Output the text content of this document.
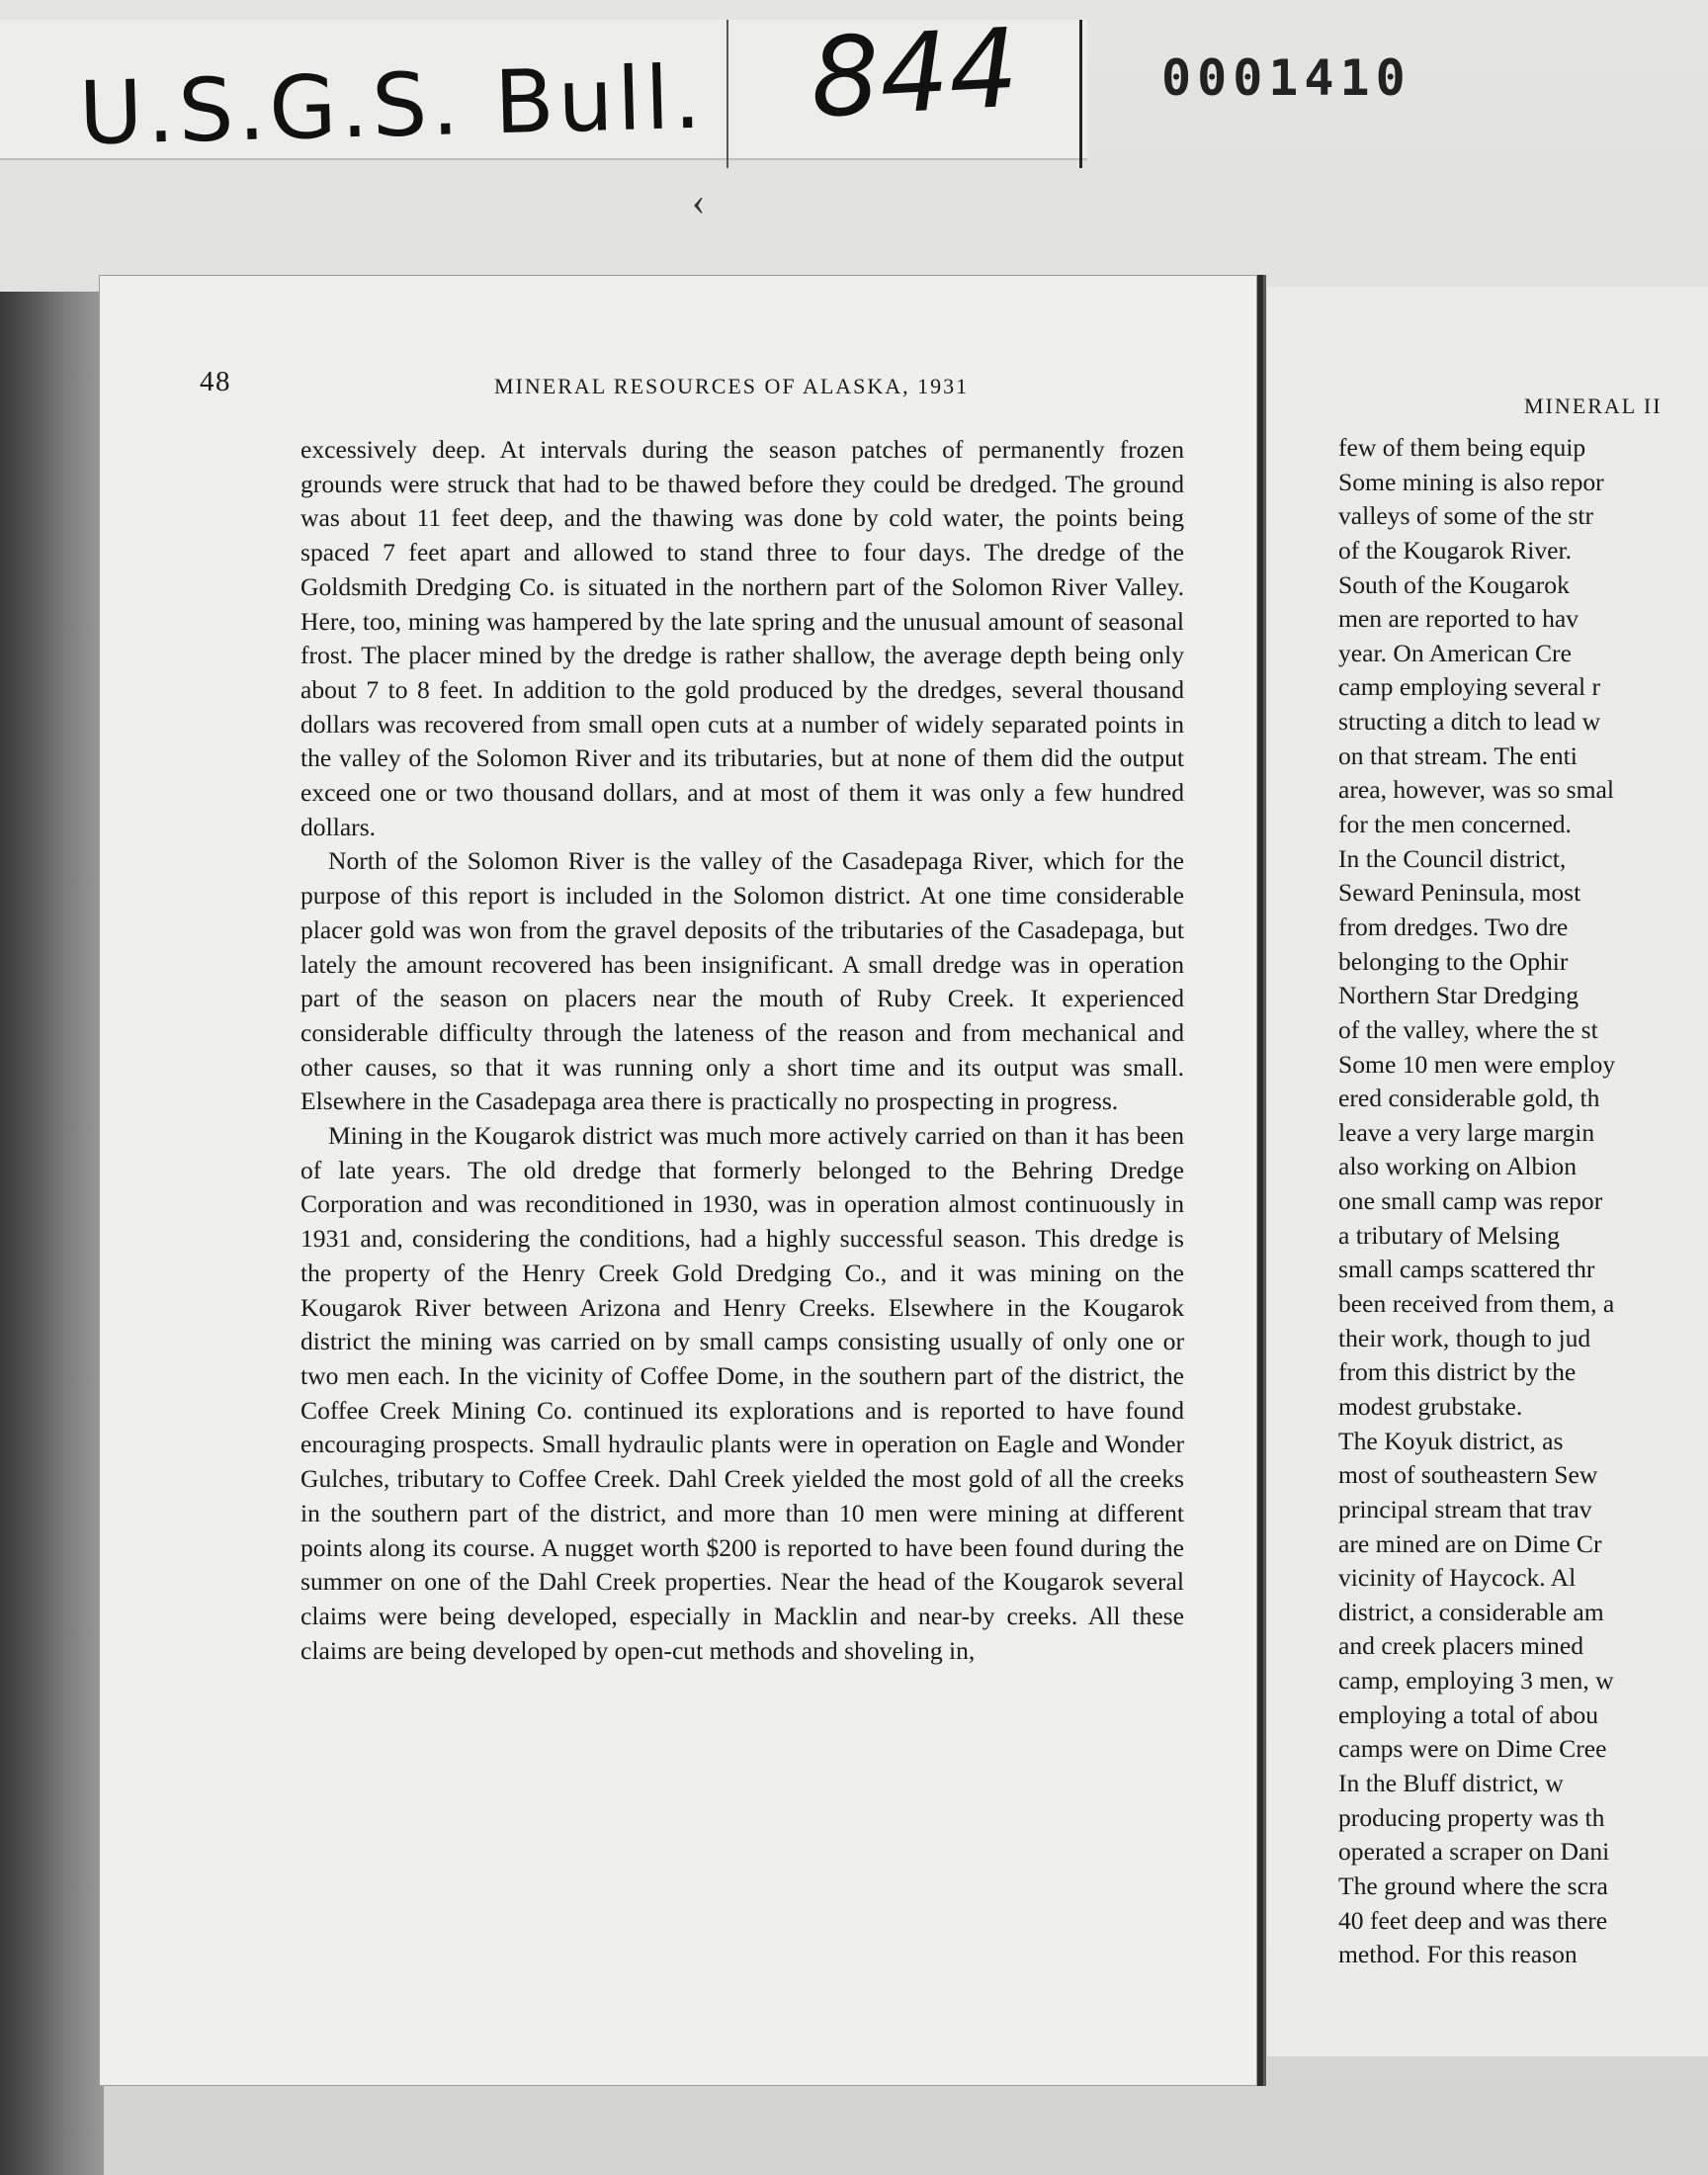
U.S.G.S. Bull. 844	0001410
‹
48	MINERAL RESOURCES OF ALASKA, 1931

excessively deep. At intervals during the season patches of permanently frozen grounds were struck that had to be thawed before they could be dredged. The ground was about 11 feet deep, and the thawing was done by cold water, the points being spaced 7 feet apart and allowed to stand three to four days. The dredge of the Goldsmith Dredging Co. is situated in the northern part of the Solomon River Valley. Here, too, mining was hampered by the late spring and the unusual amount of seasonal frost. The placer mined by the dredge is rather shallow, the average depth being only about 7 to 8 feet. In addition to the gold produced by the dredges, several thousand dollars was recovered from small open cuts at a number of widely separated points in the valley of the Solomon River and its tributaries, but at none of them did the output exceed one or two thousand dollars, and at most of them it was only a few hundred dollars.

North of the Solomon River is the valley of the Casadepaga River, which for the purpose of this report is included in the Solomon district. At one time considerable placer gold was won from the gravel deposits of the tributaries of the Casadepaga, but lately the amount recovered has been insignificant. A small dredge was in operation part of the season on placers near the mouth of Ruby Creek. It experienced considerable difficulty through the lateness of the reason and from mechanical and other causes, so that it was running only a short time and its output was small. Elsewhere in the Casadepaga area there is practically no prospecting in progress.

Mining in the Kougarok district was much more actively carried on than it has been of late years. The old dredge that formerly belonged to the Behring Dredge Corporation and was reconditioned in 1930, was in operation almost continuously in 1931 and, considering the conditions, had a highly successful season. This dredge is the property of the Henry Creek Gold Dredging Co., and it was mining on the Kougarok River between Arizona and Henry Creeks. Elsewhere in the Kougarok district the mining was carried on by small camps consisting usually of only one or two men each. In the vicinity of Coffee Dome, in the southern part of the district, the Coffee Creek Mining Co. continued its explorations and is reported to have found encouraging prospects. Small hydraulic plants were in operation on Eagle and Wonder Gulches, tributary to Coffee Creek. Dahl Creek yielded the most gold of all the creeks in the southern part of the district, and more than 10 men were mining at different points along its course. A nugget worth $200 is reported to have been found during the summer on one of the Dahl Creek properties. Near the head of the Kougarok several claims were being developed, especially in Macklin and near-by creeks. All these claims are being developed by open-cut methods and shoveling in,

MINERAL II
few of them being equip
Some mining is also repor
valleys of some of the str
of the Kougarok River.
South of the Kougarok
men are reported to hav
year. On American Cre
camp employing several r
structing a ditch to lead w
on that stream. The enti
area, however, was so smal
for the men concerned.
In the Council district,
Seward Peninsula, most
from dredges. Two dre
belonging to the Ophir
Northern Star Dredging
of the valley, where the st
Some 10 men were employ
ered considerable gold, th
leave a very large margin
also working on Albion
one small camp was repor
a tributary of Melsing
small camps scattered thr
been received from them, a
their work, though to jud
from this district by the
modest grubstake.
The Koyuk district, as
most of southeastern Sew
principal stream that trav
are mined are on Dime Cr
vicinity of Haycock. Al
district, a considerable am
and creek placers mined
camp, employing 3 men, w
employing a total of abou
camps were on Dime Cree
In the Bluff district, w
producing property was th
operated a scraper on Dani
The ground where the scra
40 feet deep and was there
method. For this reason
